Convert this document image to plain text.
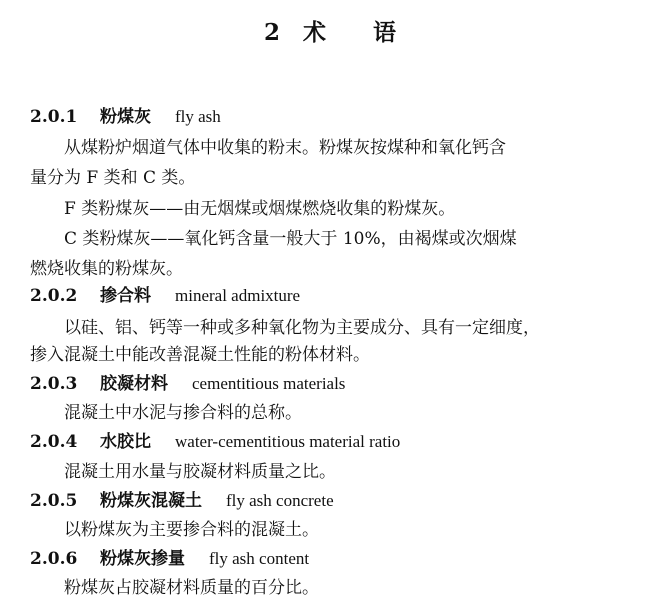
2 术 语
2.0.1 粉煤灰 fly ash
从煤粉炉烟道气体中收集的粉末。粉煤灰按煤种和氧化钙含
量分为 F 类和 C 类。
F 类粉煤灰——由无烟煤或烟煤燃烧收集的粉煤灰。
C 类粉煤灰——氧化钙含量一般大于 10%，由褐煤或次烟煤
燃烧收集的粉煤灰。
2.0.2 掺合料 mineral admixture
以硅、铝、钙等一种或多种氧化物为主要成分、具有一定细度，
掺入混凝土中能改善混凝土性能的粉体材料。
2.0.3 胶凝材料 cementitious materials
混凝土中水泥与掺合料的总称。
2.0.4 水胶比 water-cementitious material ratio
混凝土用水量与胶凝材料质量之比。
2.0.5 粉煤灰混凝土 fly ash concrete
以粉煤灰为主要掺合料的混凝土。
2.0.6 粉煤灰掺量 fly ash content
粉煤灰占胶凝材料质量的百分比。
